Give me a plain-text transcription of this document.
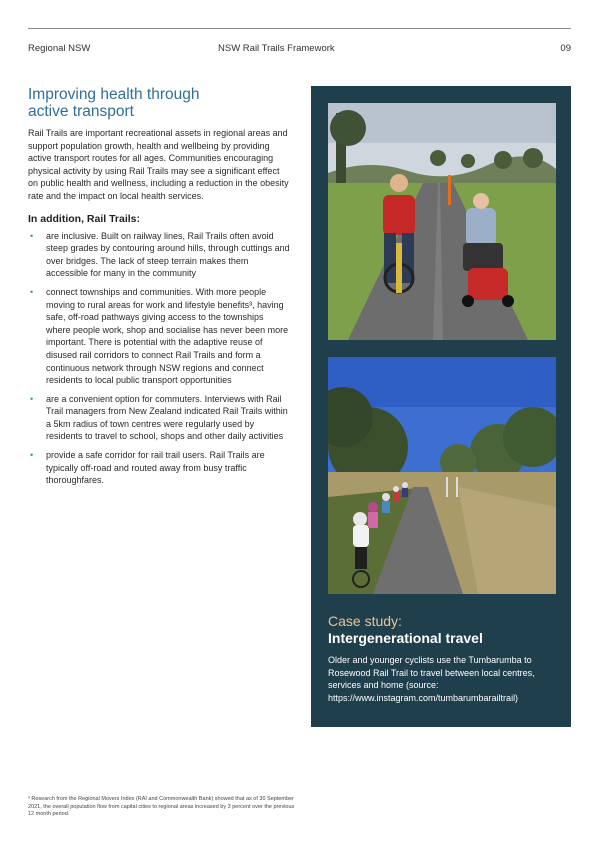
Regional NSW	NSW Rail Trails Framework	09
Improving health through
active transport

Rail Trails are important recreational assets in regional areas and support population growth, health and wellbeing by providing active transport routes for all ages. Communities encouraging physical activity by using Rail Trails may see a significant effect on public health and wellness, including a reduction in the obesity rate and the impact on local health services.

In addition, Rail Trails:

• are inclusive. Built on railway lines, Rail Trails often avoid steep grades by contouring around hills, through cuttings and over bridges. The lack of steep terrain makes them accessible for many in the community
• connect townships and communities. With more people moving to rural areas for work and lifestyle benefits³, having safe, off-road pathways giving access to the townships where people work, shop and socialise has never been more important. There is potential with the adaptive reuse of disused rail corridors to connect Rail Trails and form a continuous network through NSW regions and connect residents to local public transport opportunities
• are a convenient option for commuters. Interviews with Rail Trail managers from New Zealand indicated Rail Trails within a 5km radius of town centres were regularly used by residents to travel to school, shops and other daily activities
• provide a safe corridor for rail trail users. Rail Trails are typically off-road and routed away from busy traffic thoroughfares.
Case study:
Intergenerational travel

Older and younger cyclists use the Tumbarumba to Rosewood Rail Trail to travel between local centres, services and home (source: https://www.instagram.com/tumbarumbarailtrail)

³ Research from the Regional Movers Index (RAI and Commonwealth Bank) showed that as of 30 September 2021, the overall population flow from capital cities to regional areas increased by 3 percent over the previous 12 month period.
